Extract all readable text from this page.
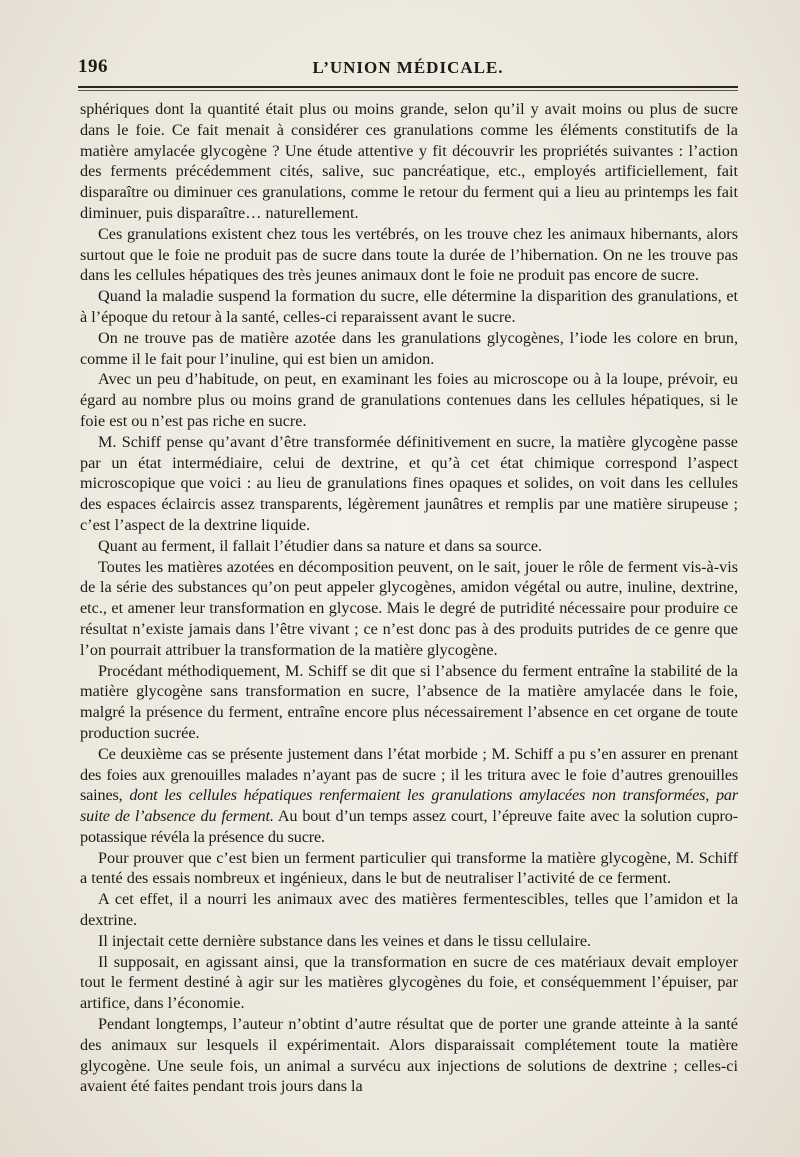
196	L’UNION MÉDICALE.

sphériques dont la quantité était plus ou moins grande, selon qu’il y avait moins ou plus de sucre dans le foie. Ce fait menait à considérer ces granulations comme les éléments constitutifs de la matière amylacée glycogène ? Une étude attentive y fit découvrir les propriétés suivantes : l’action des ferments précédemment cités, salive, suc pancréatique, etc., employés artificiellement, fait disparaître ou diminuer ces granulations, comme le retour du ferment qui a lieu au printemps les fait diminuer, puis disparaître… naturellement.

Ces granulations existent chez tous les vertébrés, on les trouve chez les animaux hibernants, alors surtout que le foie ne produit pas de sucre dans toute la durée de l’hibernation. On ne les trouve pas dans les cellules hépatiques des très jeunes animaux dont le foie ne produit pas encore de sucre.

Quand la maladie suspend la formation du sucre, elle détermine la disparition des granulations, et à l’époque du retour à la santé, celles-ci reparaissent avant le sucre.

On ne trouve pas de matière azotée dans les granulations glycogènes, l’iode les colore en brun, comme il le fait pour l’inuline, qui est bien un amidon.

Avec un peu d’habitude, on peut, en examinant les foies au microscope ou à la loupe, prévoir, eu égard au nombre plus ou moins grand de granulations contenues dans les cellules hépatiques, si le foie est ou n’est pas riche en sucre.

M. Schiff pense qu’avant d’être transformée définitivement en sucre, la matière glycogène passe par un état intermédiaire, celui de dextrine, et qu’à cet état chimique correspond l’aspect microscopique que voici : au lieu de granulations fines opaques et solides, on voit dans les cellules des espaces éclaircis assez transparents, légèrement jaunâtres et remplis par une matière sirupeuse ; c’est l’aspect de la dextrine liquide.

Quant au ferment, il fallait l’étudier dans sa nature et dans sa source.

Toutes les matières azotées en décomposition peuvent, on le sait, jouer le rôle de ferment vis-à-vis de la série des substances qu’on peut appeler glycogènes, amidon végétal ou autre, inuline, dextrine, etc., et amener leur transformation en glycose. Mais le degré de putridité nécessaire pour produire ce résultat n’existe jamais dans l’être vivant ; ce n’est donc pas à des produits putrides de ce genre que l’on pourrait attribuer la transformation de la matière glycogène.

Procédant méthodiquement, M. Schiff se dit que si l’absence du ferment entraîne la stabilité de la matière glycogène sans transformation en sucre, l’absence de la matière amylacée dans le foie, malgré la présence du ferment, entraîne encore plus nécessairement l’absence en cet organe de toute production sucrée.

Ce deuxième cas se présente justement dans l’état morbide ; M. Schiff a pu s’en assurer en prenant des foies aux grenouilles malades n’ayant pas de sucre ; il les tritura avec le foie d’autres grenouilles saines, dont les cellules hépatiques renfermaient les granulations amylacées non transformées, par suite de l’absence du ferment. Au bout d’un temps assez court, l’épreuve faite avec la solution cupro-potassique révéla la présence du sucre.

Pour prouver que c’est bien un ferment particulier qui transforme la matière glycogène, M. Schiff a tenté des essais nombreux et ingénieux, dans le but de neutraliser l’activité de ce ferment.

A cet effet, il a nourri les animaux avec des matières fermentescibles, telles que l’amidon et la dextrine.

Il injectait cette dernière substance dans les veines et dans le tissu cellulaire.

Il supposait, en agissant ainsi, que la transformation en sucre de ces matériaux devait employer tout le ferment destiné à agir sur les matières glycogènes du foie, et conséquemment l’épuiser, par artifice, dans l’économie.

Pendant longtemps, l’auteur n’obtint d’autre résultat que de porter une grande atteinte à la santé des animaux sur lesquels il expérimentait. Alors disparaissait complétement toute la matière glycogène. Une seule fois, un animal a survécu aux injections de solutions de dextrine ; celles-ci avaient été faites pendant trois jours dans la
